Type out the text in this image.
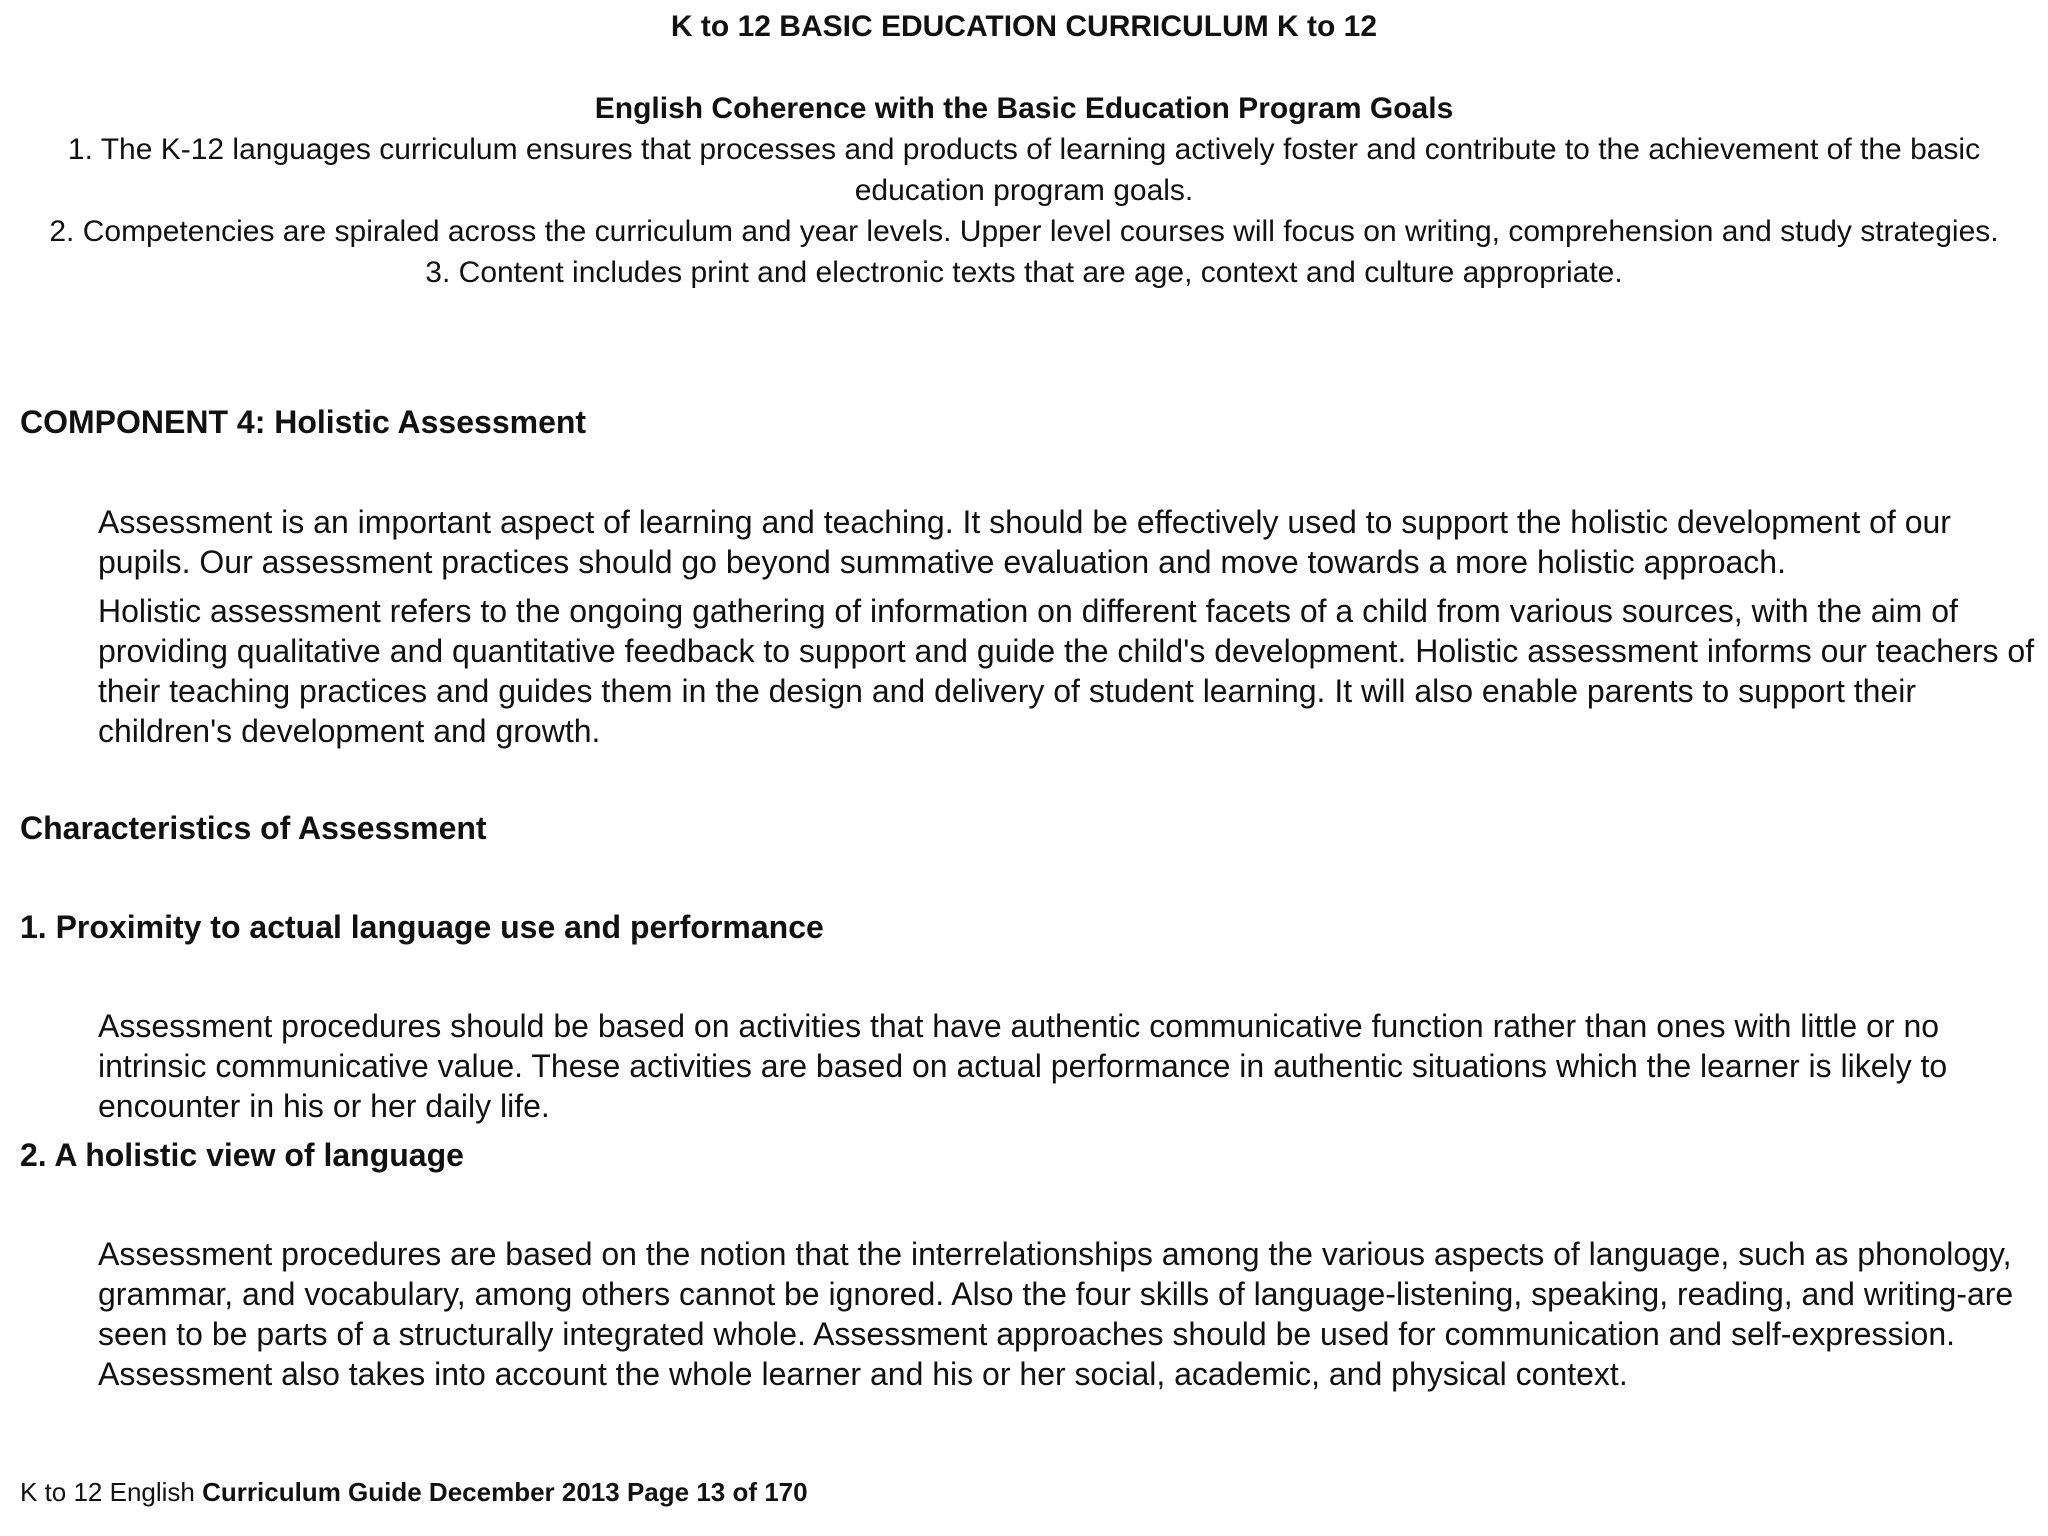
K to 12 BASIC EDUCATION CURRICULUM K to 12
English Coherence with the Basic Education Program Goals

1. The K-12 languages curriculum ensures that processes and products of learning actively foster and contribute to the achievement of the basic education program goals.

2. Competencies are spiraled across the curriculum and year levels. Upper level courses will focus on writing, comprehension and study strategies.

3. Content includes print and electronic texts that are age, context and culture appropriate.

COMPONENT 4: Holistic Assessment

Assessment is an important aspect of learning and teaching. It should be effectively used to support the holistic development of our pupils. Our assessment practices should go beyond summative evaluation and move towards a more holistic approach.

Holistic assessment refers to the ongoing gathering of information on different facets of a child from various sources, with the aim of providing qualitative and quantitative feedback to support and guide the child's development. Holistic assessment informs our teachers of their teaching practices and guides them in the design and delivery of student learning. It will also enable parents to support their children's development and growth.

Characteristics of Assessment
1. Proximity to actual language use and performance

Assessment procedures should be based on activities that have authentic communicative function rather than ones with little or no intrinsic communicative value. These activities are based on actual performance in authentic situations which the learner is likely to encounter in his or her daily life.

2. A holistic view of language

Assessment procedures are based on the notion that the interrelationships among the various aspects of language, such as phonology, grammar, and vocabulary, among others cannot be ignored. Also the four skills of language-listening, speaking, reading, and writing-are seen to be parts of a structurally integrated whole. Assessment approaches should be used for communication and self-expression. Assessment also takes into account the whole learner and his or her social, academic, and physical context.

K to 12 English Curriculum Guide December 2013 Page 13 of 170
